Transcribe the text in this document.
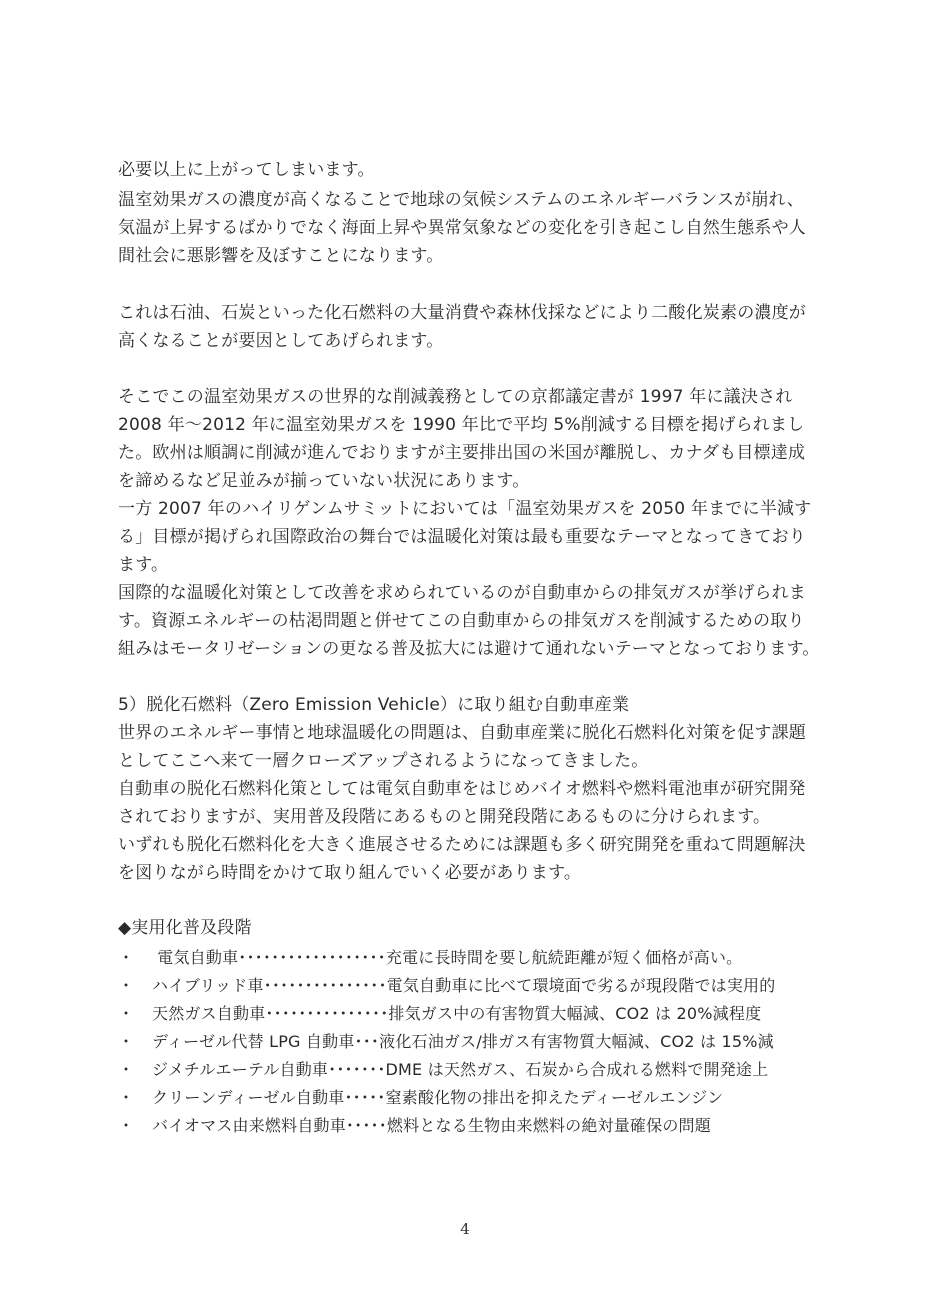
必要以上に上がってしまいます。
温室効果ガスの濃度が高くなることで地球の気候システムのエネルギーバランスが崩れ、
気温が上昇するばかりでなく海面上昇や異常気象などの変化を引き起こし自然生態系や人
間社会に悪影響を及ぼすことになります。
これは石油、石炭といった化石燃料の大量消費や森林伐採などにより二酸化炭素の濃度が
高くなることが要因としてあげられます。
そこでこの温室効果ガスの世界的な削減義務としての京都議定書が 1997 年に議決され
2008 年～2012 年に温室効果ガスを 1990 年比で平均 5%削減する目標を掲げられまし
た。欧州は順調に削減が進んでおりますが主要排出国の米国が離脱し、カナダも目標達成
を諦めるなど足並みが揃っていない状況にあります。
一方 2007 年のハイリゲンムサミットにおいては「温室効果ガスを 2050 年までに半減す
る」目標が掲げられ国際政治の舞台では温暖化対策は最も重要なテーマとなってきており
ます。
国際的な温暖化対策として改善を求められているのが自動車からの排気ガスが挙げられま
す。資源エネルギーの枯渇問題と併せてこの自動車からの排気ガスを削減するための取り
組みはモータリゼーションの更なる普及拡大には避けて通れないテーマとなっております。
5）脱化石燃料（Zero Emission Vehicle）に取り組む自動車産業
世界のエネルギー事情と地球温暖化の問題は、自動車産業に脱化石燃料化対策を促す課題
としてここへ来て一層クローズアップされるようになってきました。
自動車の脱化石燃料化策としては電気自動車をはじめバイオ燃料や燃料電池車が研究開発
されておりますが、実用普及段階にあるものと開発段階にあるものに分けられます。
いずれも脱化石燃料化を大きく進展させるためには課題も多く研究開発を重ねて問題解決
を図りながら時間をかけて取り組んでいく必要があります。
◆実用化普及段階
・ 電気自動車･･････････････････充電に長時間を要し航続距離が短く価格が高い。
・ ハイブリッド車･･･････････････電気自動車に比べて環境面で劣るが現段階では実用的
・ 天然ガス自動車･･･････････････排気ガス中の有害物質大幅減、CO2 は 20%減程度
・ ディーゼル代替 LPG 自動車･･･液化石油ガス/排ガス有害物質大幅減、CO2 は 15%減
・ ジメチルエーテル自動車･･･････DME は天然ガス、石炭から合成れる燃料で開発途上
・ クリーンディーゼル自動車･････窒素酸化物の排出を抑えたディーゼルエンジン
・ バイオマス由来燃料自動車･････燃料となる生物由来燃料の絶対量確保の問題
4
